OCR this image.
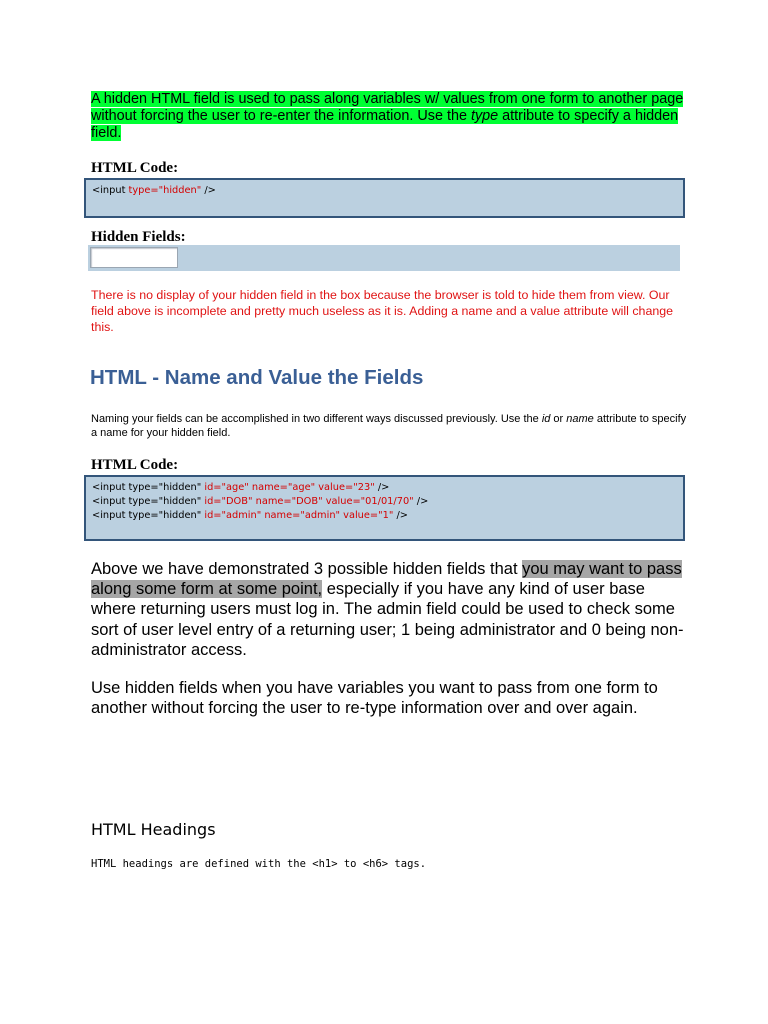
A hidden HTML field is used to pass along variables w/ values from one form to another page without forcing the user to re-enter the information. Use the type attribute to specify a hidden field.
HTML Code:
<input type="hidden" />
Hidden Fields:
There is no display of your hidden field in the box because the browser is told to hide them from view. Our field above is incomplete and pretty much useless as it is. Adding a name and a value attribute will change this.
HTML - Name and Value the Fields
Naming your fields can be accomplished in two different ways discussed previously. Use the id or name attribute to specify a name for your hidden field.
HTML Code:
<input type="hidden" id="age" name="age" value="23" />
<input type="hidden" id="DOB" name="DOB" value="01/01/70" />
<input type="hidden" id="admin" name="admin" value="1" />
Above we have demonstrated 3 possible hidden fields that you may want to pass along some form at some point, especially if you have any kind of user base where returning users must log in. The admin field could be used to check some sort of user level entry of a returning user; 1 being administrator and 0 being non-administrator access.
Use hidden fields when you have variables you want to pass from one form to another without forcing the user to re-type information over and over again.
HTML Headings
HTML headings are defined with the <h1> to <h6> tags.
